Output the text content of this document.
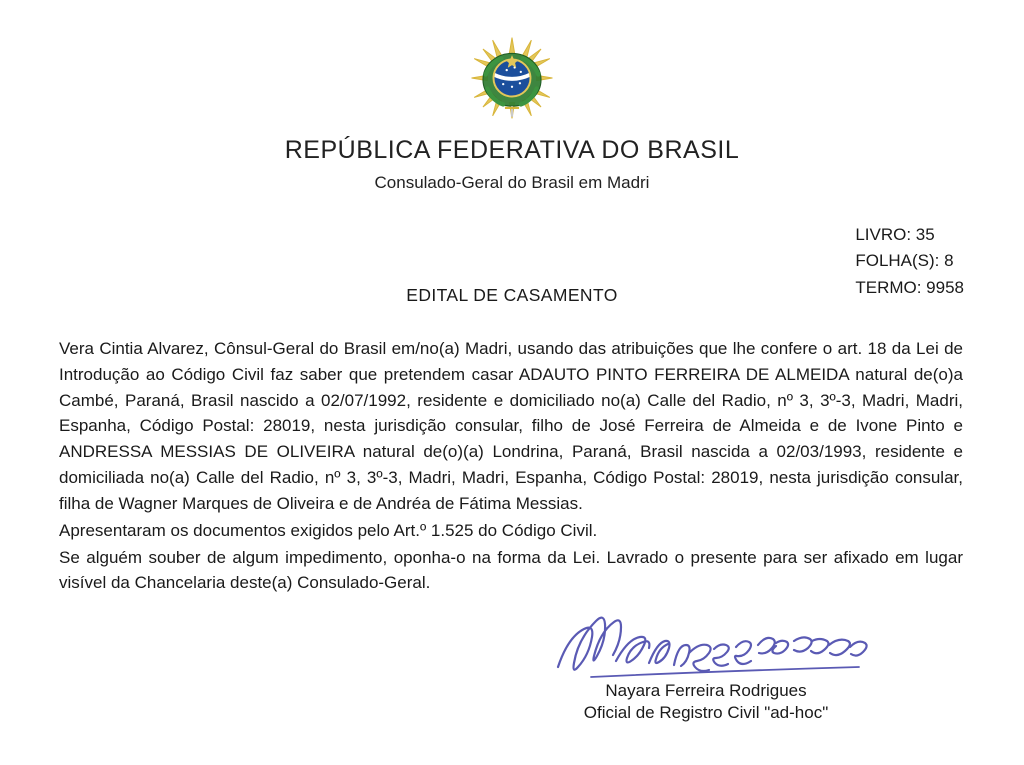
REPÚBLICA FEDERATIVA DO BRASIL
Consulado-Geral do Brasil em Madri
LIVRO: 35
FOLHA(S): 8
TERMO: 9958
EDITAL DE CASAMENTO

Vera Cintia Alvarez, Cônsul-Geral do Brasil em/no(a) Madri, usando das atribuições que lhe confere o art. 18 da Lei de Introdução ao Código Civil faz saber que pretendem casar ADAUTO PINTO FERREIRA DE ALMEIDA natural de(o)a Cambé, Paraná, Brasil nascido a 02/07/1992, residente e domiciliado no(a) Calle del Radio, nº 3, 3º-3, Madri, Madri, Espanha, Código Postal: 28019, nesta jurisdição consular, filho de José Ferreira de Almeida e de Ivone Pinto e ANDRESSA MESSIAS DE OLIVEIRA natural de(o)(a) Londrina, Paraná, Brasil nascida a 02/03/1993, residente e domiciliada no(a) Calle del Radio, nº 3, 3º-3, Madri, Madri, Espanha, Código Postal: 28019, nesta jurisdição consular, filha de Wagner Marques de Oliveira e de Andréa de Fátima Messias.

Apresentaram os documentos exigidos pelo Art.º 1.525 do Código Civil.

Se alguém souber de algum impedimento, oponha-o na forma da Lei. Lavrado o presente para ser afixado em lugar visível da Chancelaria deste(a) Consulado-Geral.

Nayara Ferreira Rodrigues
Oficial de Registro Civil "ad-hoc"
